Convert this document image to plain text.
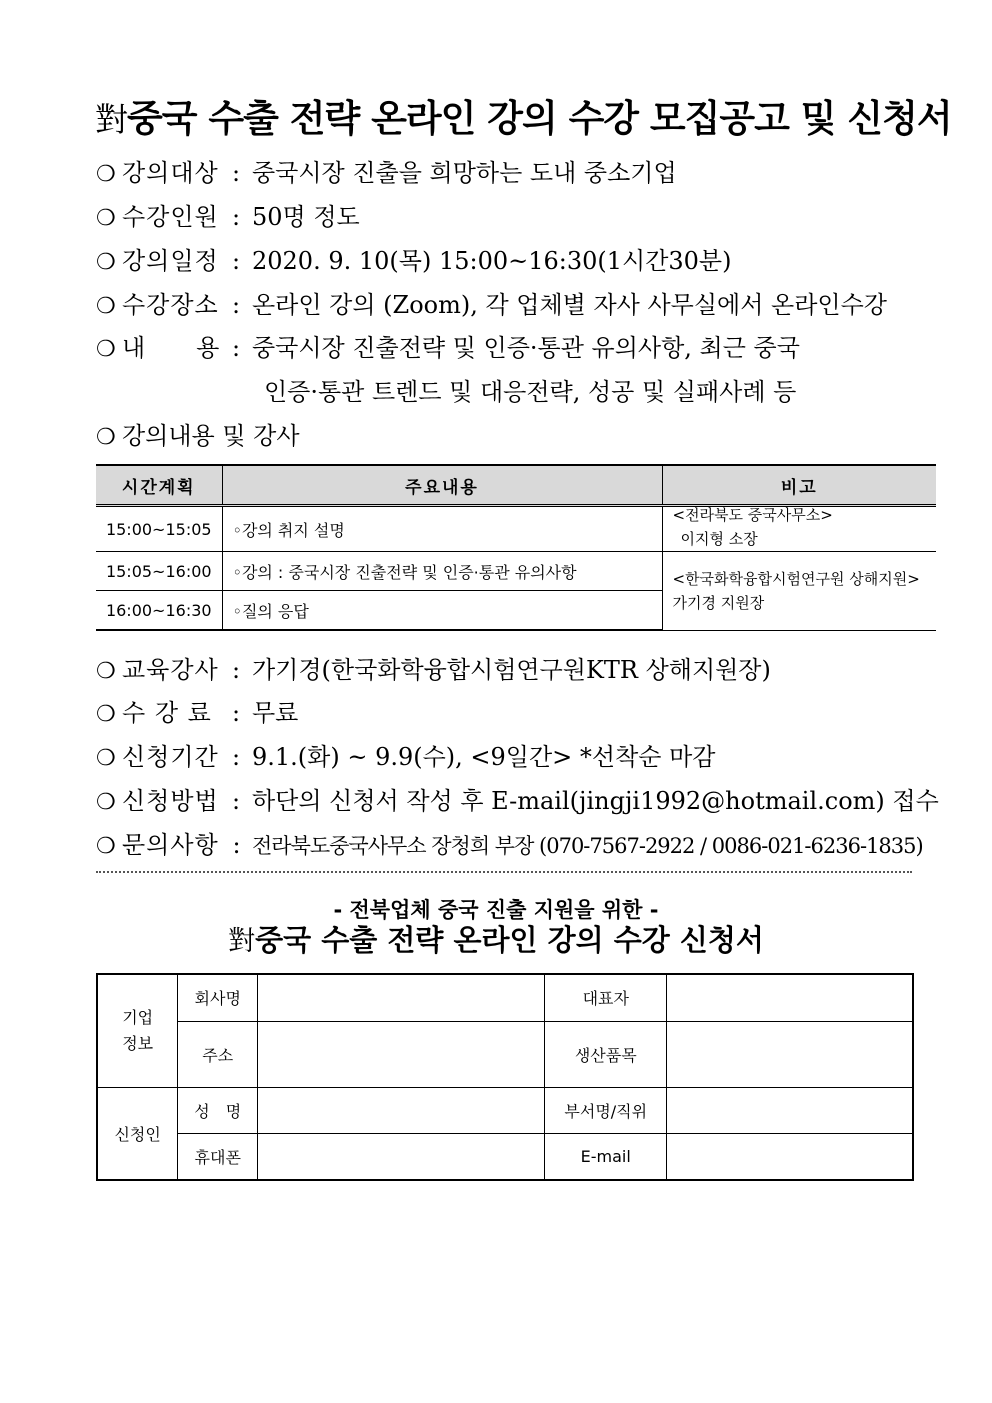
對중국 수출 전략 온라인 강의 수강 모집공고 및 신청서
❍ 강의대상 : 중국시장 진출을 희망하는 도내 중소기업
❍ 수강인원 : 50명 정도
❍ 강의일정 : 2020. 9. 10(목) 15:00~16:30(1시간30분)
❍ 수강장소 : 온라인 강의 (Zoom), 각 업체별 자사 사무실에서 온라인수강
❍ 내　　용 : 중국시장 진출전략 및 인증·통관 유의사항, 최근 중국
인증·통관 트렌드 및 대응전략, 성공 및 실패사례 등
❍ 강의내용 및 강사
시간계획	주요내용	비고
15:00~15:05	◦강의 취지 설명	<전라북도 중국사무소>
이지형 소장

15:05~16:00	◦강의 : 중국시장 진출전략 및 인증·통관 유의사항	<한국화학융합시험연구원 상해지원>
가기경 지원장

16:00~16:30	◦질의 응답	
❍ 교육강사 : 가기경(한국화학융합시험연구원KTR 상해지원장)
❍ 수 강 료 : 무료
❍ 신청기간 : 9.1.(화) ~ 9.9(수), <9일간> *선착순 마감
❍ 신청방법 : 하단의 신청서 작성 후 E-mail(jingji1992@hotmail.com) 접수
❍ 문의사항 : 전라북도중국사무소 장청희 부장 (070-7567-2922 / 0086-021-6236-1835)
- 전북업체 중국 진출 지원을 위한 -
對중국 수출 전략 온라인 강의 수강 신청서
기업
정보	회사명		대표자	
	주소		생산품목	
신청인	성　명		부서명/직위	
	휴대폰		E-mail	
